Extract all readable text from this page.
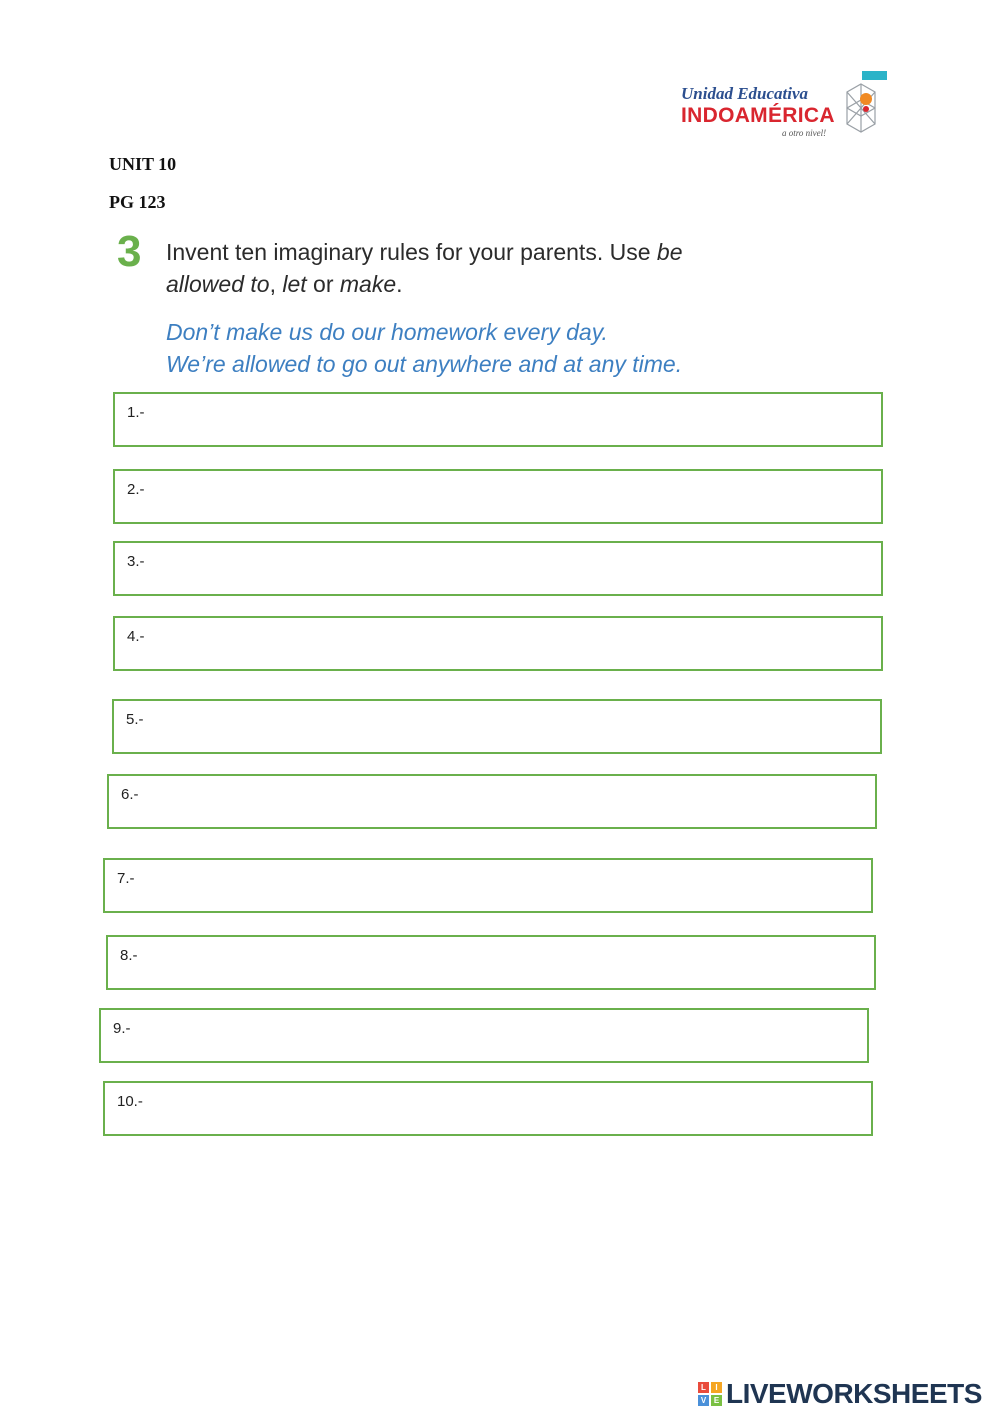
Unidad Educativa
INDOAMÉRICA
a otro nivel!
UNIT 10
PG 123
3 Invent ten imaginary rules for your parents. Use be
allowed to, let or make.
Don’t make us do our homework every day.
We’re allowed to go out anywhere and at any time.
1.-
2.-
3.-
4.-
5.-
6.-
7.-
8.-
9.-
10.-
L	I
V E LIVEWORKSHEETS
